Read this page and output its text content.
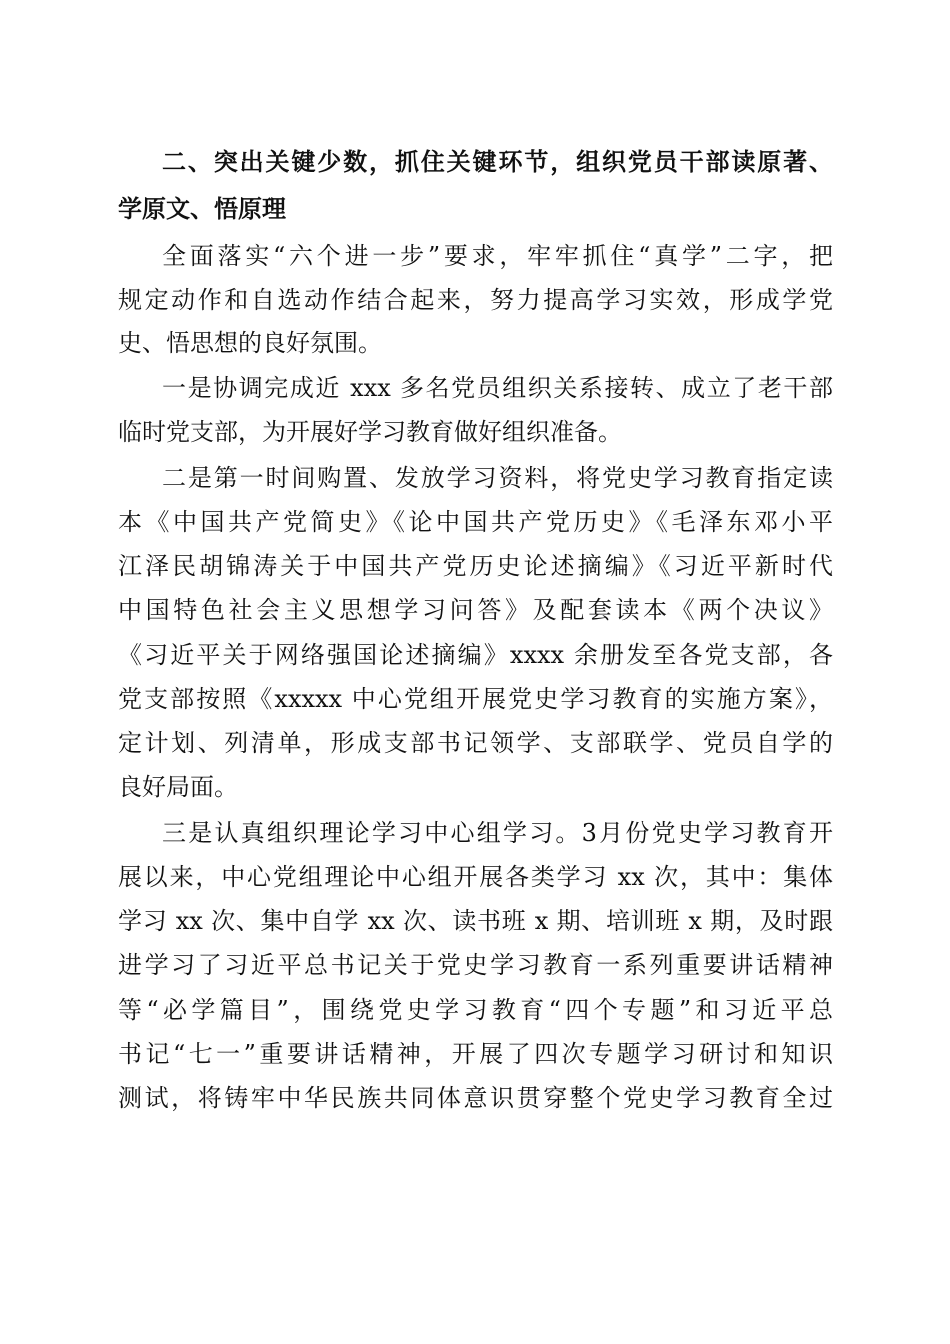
二、突出关键少数，抓住关键环节，组织党员干部读原著、
学原文、悟原理
全面落实“六个进一步”要求，牢牢抓住“真学”二字，把
规定动作和自选动作结合起来，努力提高学习实效，形成学党
史、悟思想的良好氛围。
一是协调完成近 xxx 多名党员组织关系接转、成立了老干部
临时党支部，为开展好学习教育做好组织准备。
二是第一时间购置、发放学习资料，将党史学习教育指定读
本《中国共产党简史》《论中国共产党历史》《毛泽东邓小平
江泽民胡锦涛关于中国共产党历史论述摘编》《习近平新时代
中国特色社会主义思想学习问答》及配套读本《两个决议》
《习近平关于网络强国论述摘编》xxxx 余册发至各党支部，各
党支部按照《xxxxx 中心党组开展党史学习教育的实施方案》，
定计划、列清单，形成支部书记领学、支部联学、党员自学的
良好局面。
三是认真组织理论学习中心组学习。3月份党史学习教育开
展以来，中心党组理论中心组开展各类学习 xx 次，其中：集体
学习 xx 次、集中自学 xx 次、读书班 x 期、培训班 x 期，及时跟
进学习了习近平总书记关于党史学习教育一系列重要讲话精神
等“必学篇目”，围绕党史学习教育“四个专题”和习近平总
书记“七一”重要讲话精神，开展了四次专题学习研讨和知识
测试，将铸牢中华民族共同体意识贯穿整个党史学习教育全过
